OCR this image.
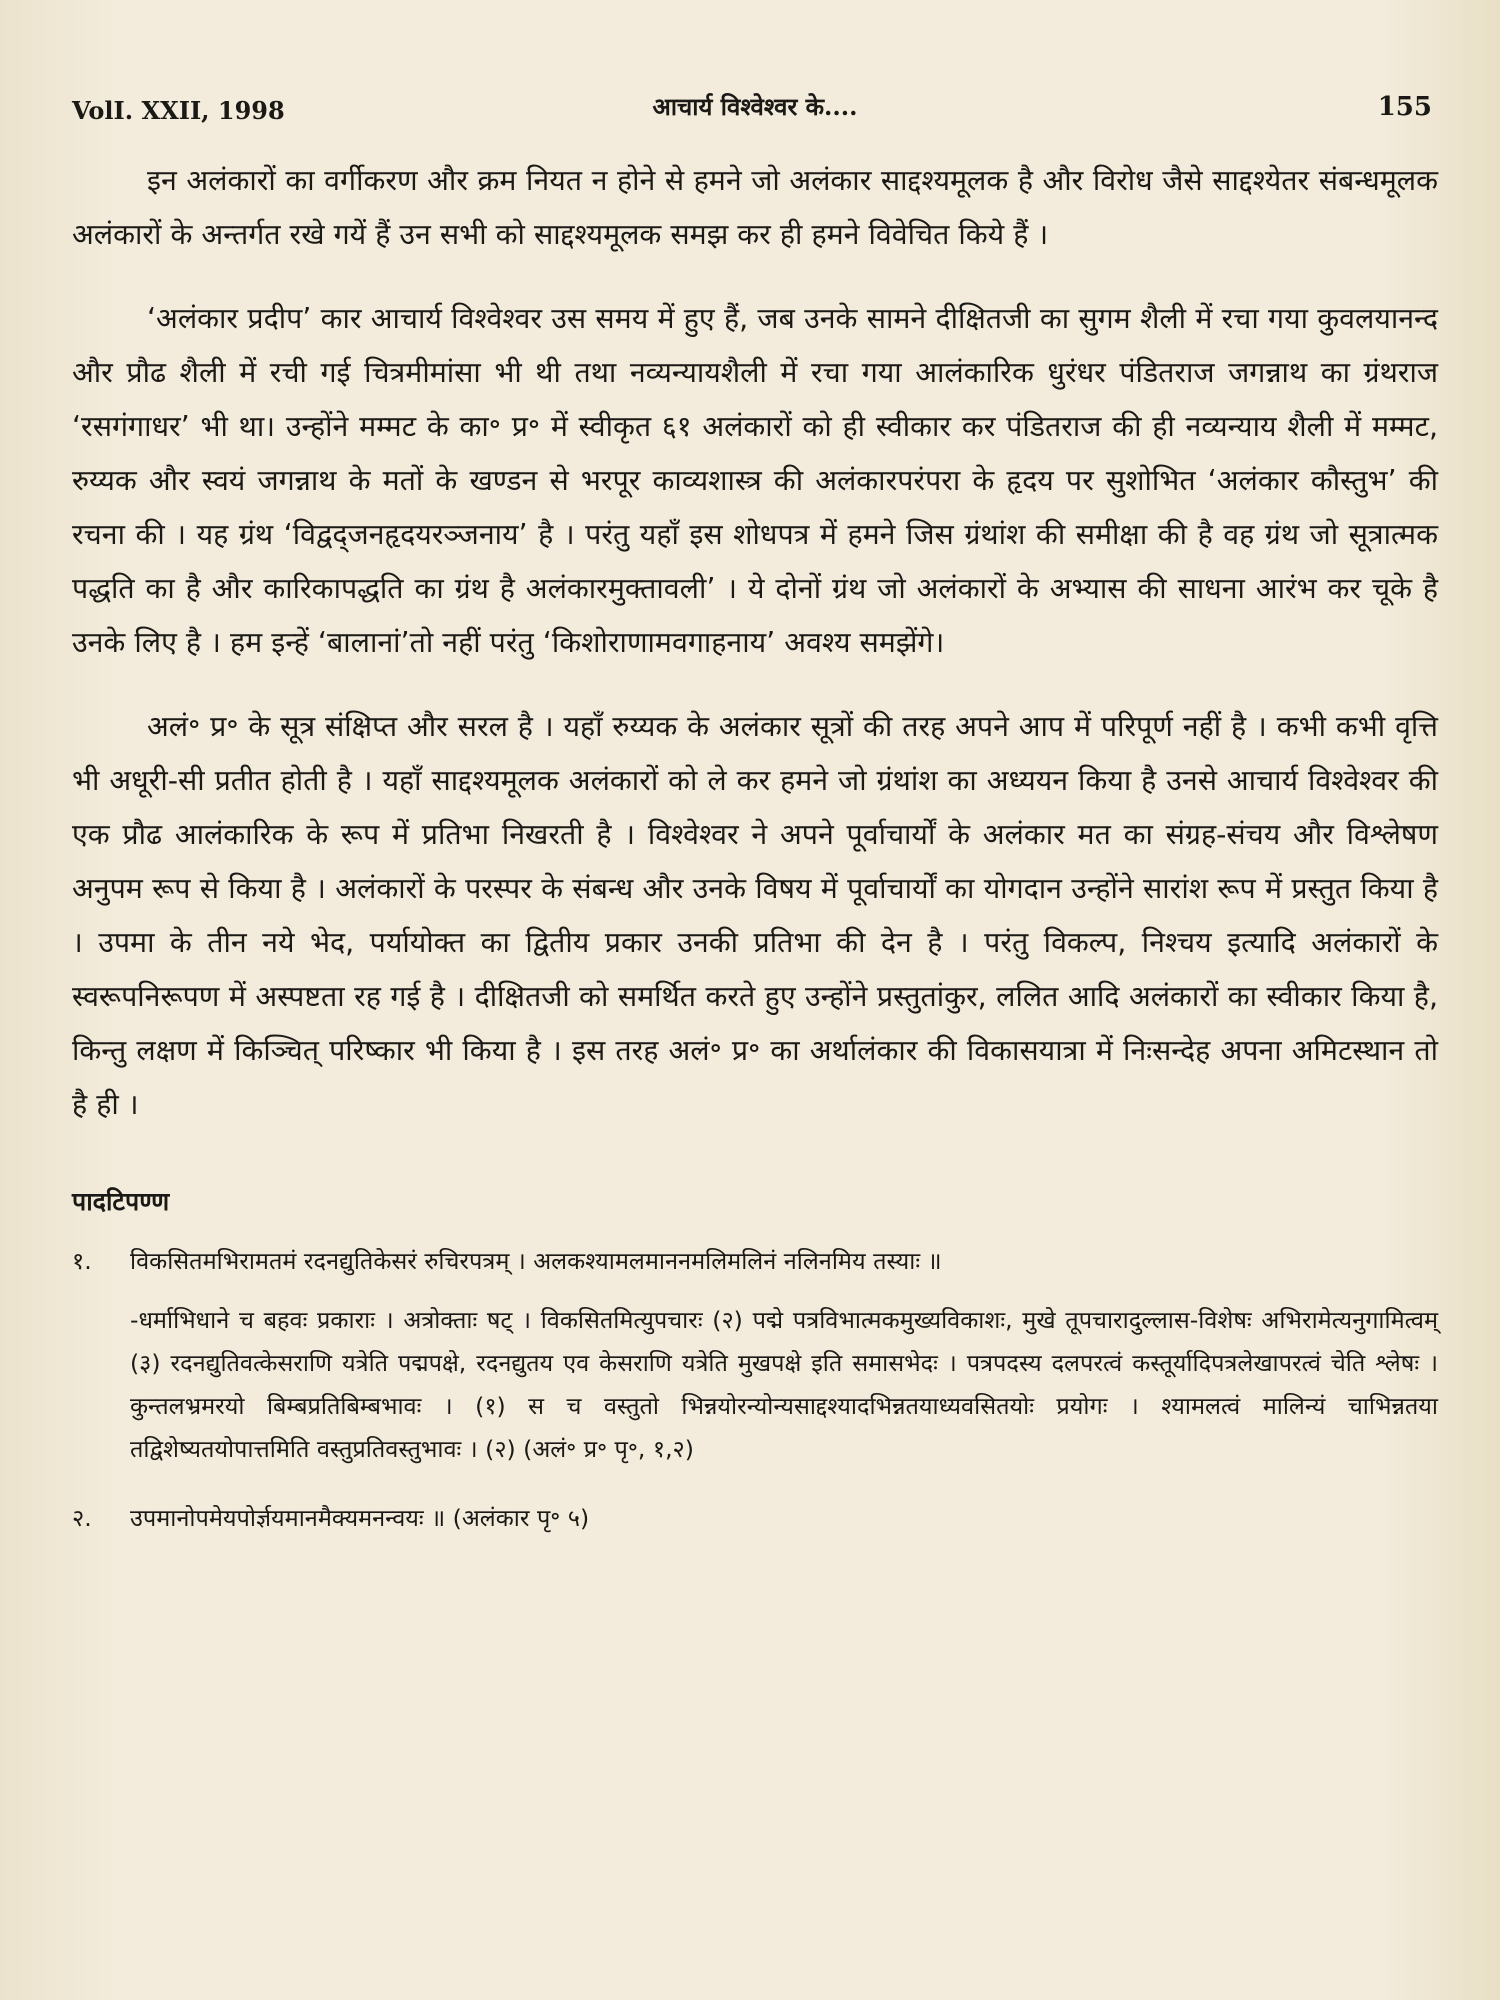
VolI. XXII, 1998	आचार्य विश्वेश्वर के....	155

इन अलंकारों का वर्गीकरण और क्रम नियत न होने से हमने जो अलंकार साद्दश्यमूलक है और विरोध जैसे साद्दश्येतर संबन्धमूलक अलंकारों के अन्तर्गत रखे गयें हैं उन सभी को साद्दश्यमूलक समझ कर ही हमने विवेचित किये हैं ।

‘अलंकार प्रदीप’ कार आचार्य विश्वेश्वर उस समय में हुए हैं, जब उनके सामने दीक्षितजी का सुगम शैली में रचा गया कुवलयानन्द और प्रौढ शैली में रची गई चित्रमीमांसा भी थी तथा नव्यन्यायशैली में रचा गया आलंकारिक धुरंधर पंडितराज जगन्नाथ का ग्रंथराज ‘रसगंगाधर’ भी था। उन्होंने मम्मट के का॰ प्र॰ में स्वीकृत ६१ अलंकारों को ही स्वीकार कर पंडितराज की ही नव्यन्याय शैली में मम्मट, रुय्यक और स्वयं जगन्नाथ के मतों के खण्डन से भरपूर काव्यशास्त्र की अलंकारपरंपरा के हृदय पर सुशोभित ‘अलंकार कौस्तुभ’ की रचना की । यह ग्रंथ ‘विद्वद्जनहृदयरञ्जनाय’ है । परंतु यहाँ इस शोधपत्र में हमने जिस ग्रंथांश की समीक्षा की है वह ग्रंथ जो सूत्रात्मक पद्धति का है और कारिकापद्धति का ग्रंथ है अलंकारमुक्तावली’ । ये दोनों ग्रंथ जो अलंकारों के अभ्यास की साधना आरंभ कर चूके है उनके लिए है । हम इन्हें ‘बालानां’तो नहीं परंतु ‘किशोराणामवगाहनाय’ अवश्य समझेंगे।

अलं॰ प्र॰ के सूत्र संक्षिप्त और सरल है । यहाँ रुय्यक के अलंकार सूत्रों की तरह अपने आप में परिपूर्ण नहीं है । कभी कभी वृत्ति भी अधूरी-सी प्रतीत होती है । यहाँ साद्दश्यमूलक अलंकारों को ले कर हमने जो ग्रंथांश का अध्ययन किया है उनसे आचार्य विश्वेश्वर की एक प्रौढ आलंकारिक के रूप में प्रतिभा निखरती है । विश्वेश्वर ने अपने पूर्वाचार्यों के अलंकार मत का संग्रह-संचय और विश्लेषण अनुपम रूप से किया है । अलंकारों के परस्पर के संबन्ध और उनके विषय में पूर्वाचार्यों का योगदान उन्होंने सारांश रूप में प्रस्तुत किया है । उपमा के तीन नये भेद, पर्यायोक्त का द्वितीय प्रकार उनकी प्रतिभा की देन है । परंतु विकल्प, निश्चय इत्यादि अलंकारों के स्वरूपनिरूपण में अस्पष्टता रह गई है । दीक्षितजी को समर्थित करते हुए उन्होंने प्रस्तुतांकुर, ललित आदि अलंकारों का स्वीकार किया है, किन्तु लक्षण में किञ्चित् परिष्कार भी किया है । इस तरह अलं॰ प्र॰ का अर्थालंकार की विकासयात्रा में निःसन्देह अपना अमिटस्थान तो है ही ।

पादटिपण्ण
१. विकसितमभिरामतमं रदनद्युतिकेसरं रुचिरपत्रम् । अलकश्यामलमाननमलिमलिनं नलिनमिय तस्याः ॥
-धर्माभिधाने च बहवः प्रकाराः । अत्रोक्ताः षट् । विकसितमित्युपचारः (२) पद्मे पत्रविभात्मकमुख्यविकाशः, मुखे तूपचारादुल्लास-विशेषः अभिरामेत्यनुगामित्वम् (३) रदनद्युतिवत्केसराणि यत्रेति पद्मपक्षे, रदनद्युतय एव केसराणि यत्रेति मुखपक्षे इति समासभेदः । पत्रपदस्य दलपरत्वं कस्तूर्यादिपत्रलेखापरत्वं चेति श्लेषः । कुन्तलभ्रमरयो बिम्बप्रतिबिम्बभावः । (१) स च वस्तुतो भिन्नयोरन्योन्यसाद्दश्यादभिन्नतयाध्यवसितयोः प्रयोगः । श्यामलत्वं मालिन्यं चाभिन्नतया तद्विशेष्यतयोपात्तमिति वस्तुप्रतिवस्तुभावः । (२) (अलं॰ प्र॰ पृ॰, १,२)
२. उपमानोपमेयपोर्ज्ञयमानमैक्यमनन्वयः ॥ (अलंकार पृ॰ ५)
